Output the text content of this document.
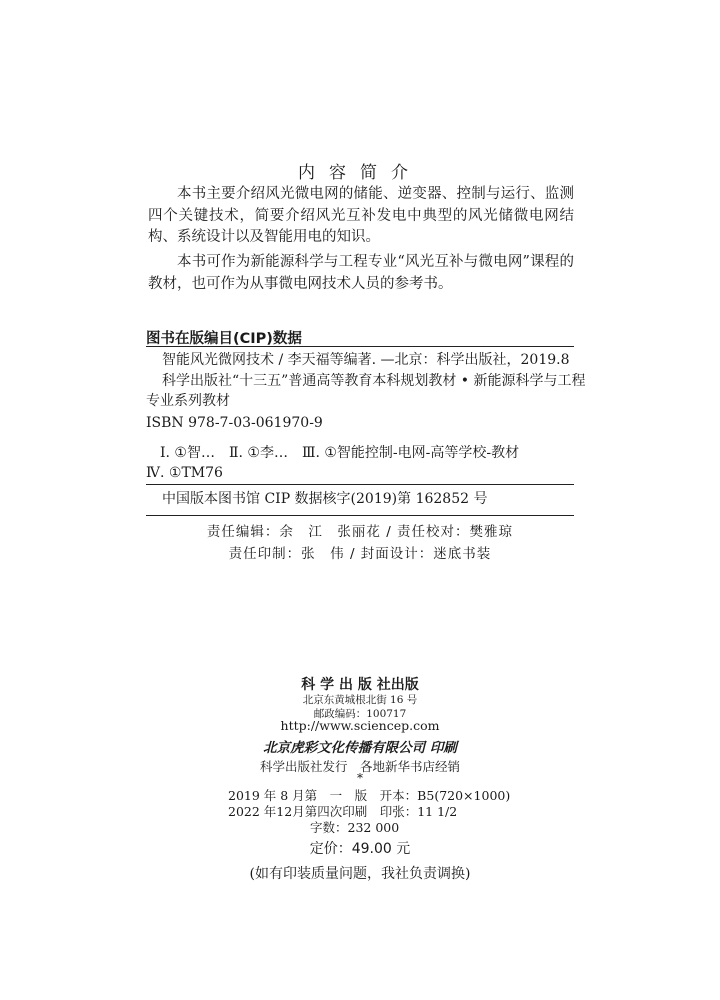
内容简介
本书主要介绍风光微电网的储能、逆变器、控制与运行、监测四个关键技术，简要介绍风光互补发电中典型的风光储微电网结构、系统设计以及智能用电的知识。
本书可作为新能源科学与工程专业“风光互补与微电网”课程的教材，也可作为从事微电网技术人员的参考书。
图书在版编目(CIP)数据
智能风光微网技术 / 李天福等编著. —北京：科学出版社，2019.8
科学出版社“十三五”普通高等教育本科规划教材 • 新能源科学与工程
专业系列教材
ISBN 978-7-03-061970-9
Ⅰ. ①智…　Ⅱ. ①李…　Ⅲ. ①智能控制-电网-高等学校-教材
Ⅳ. ①TM76
中国版本图书馆 CIP 数据核字(2019)第 162852 号
责任编辑：余　江　张丽花 / 责任校对：樊雅琼
责任印制：张　伟 / 封面设计：迷底书装
科 学 出 版 社出版
北京东黄城根北街 16 号
邮政编码：100717
http://www.sciencep.com
北京虎彩文化传播有限公司 印刷
科学出版社发行　各地新华书店经销
*
2019 年 8 月第　一　版　开本：B5(720×1000)
2022 年12月第四次印刷　印张：11 1/2
字数：232 000
定价：49.00 元
(如有印装质量问题，我社负责调换)
